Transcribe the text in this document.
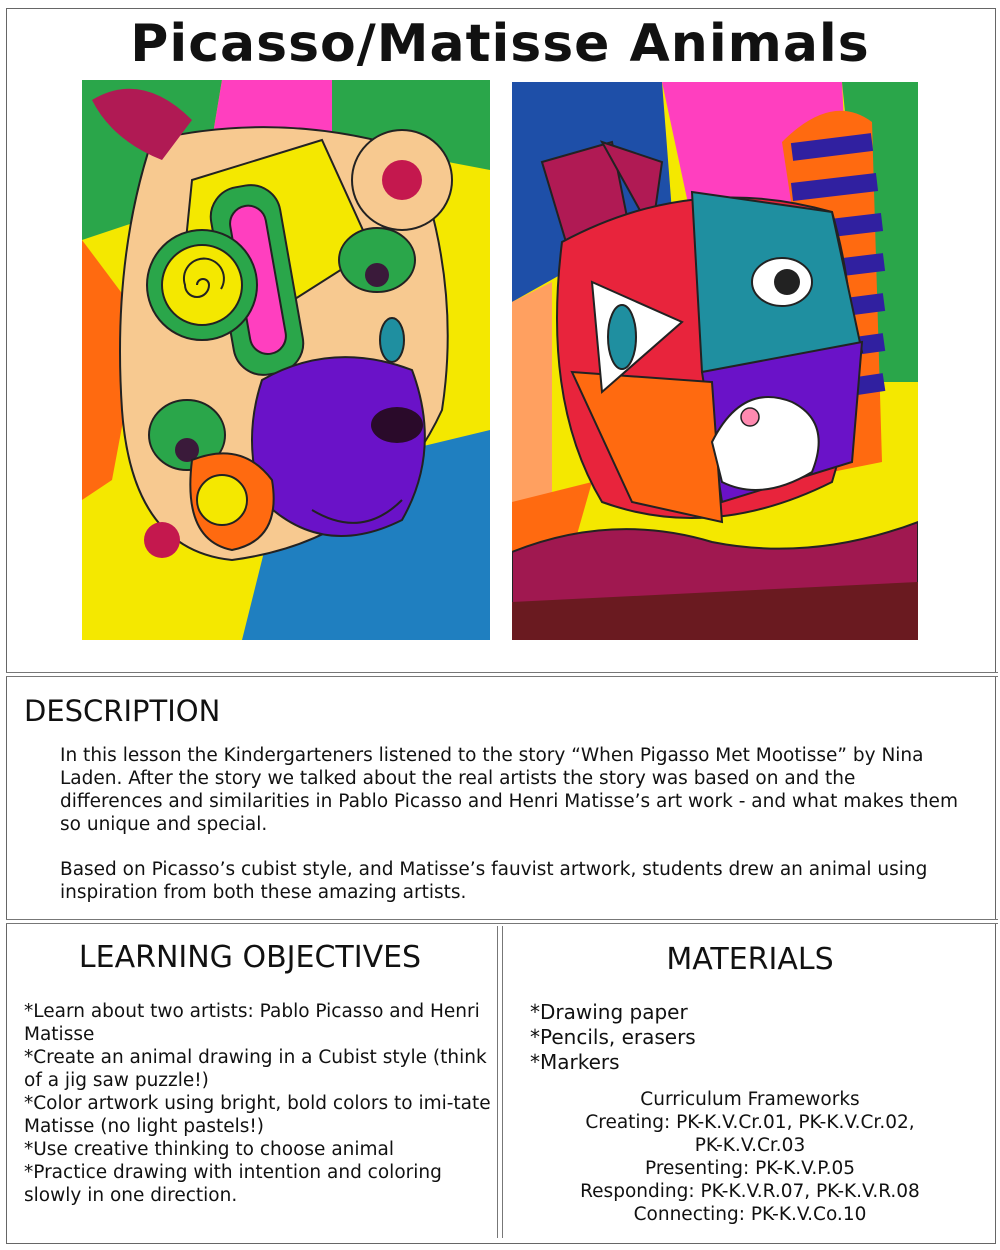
Picasso/Matisse Animals
DESCRIPTION
In this lesson the Kindergarteners listened to the story “When Pigasso Met Mootisse” by Nina Laden. After the story we talked about the real artists the story was based on and the differences and similarities in Pablo Picasso and Henri Matisse’s art work - and what makes them so unique and special.
Based on Picasso’s cubist style, and Matisse’s fauvist artwork, students drew an animal using inspiration from both these amazing artists.
LEARNING OBJECTIVES
*Learn about two artists: Pablo Picasso and Henri Matisse
*Create an animal drawing in a Cubist style (think of a jig saw puzzle!)
*Color artwork using bright, bold colors to imi-tate Matisse (no light pastels!)
*Use creative thinking to choose animal
*Practice drawing with intention and coloring slowly in one direction.
MATERIALS
*Drawing paper
*Pencils, erasers
*Markers
Curriculum Frameworks
Creating: PK-K.V.Cr.01, PK-K.V.Cr.02,
PK-K.V.Cr.03
Presenting: PK-K.V.P.05
Responding: PK-K.V.R.07, PK-K.V.R.08
Connecting: PK-K.V.Co.10
